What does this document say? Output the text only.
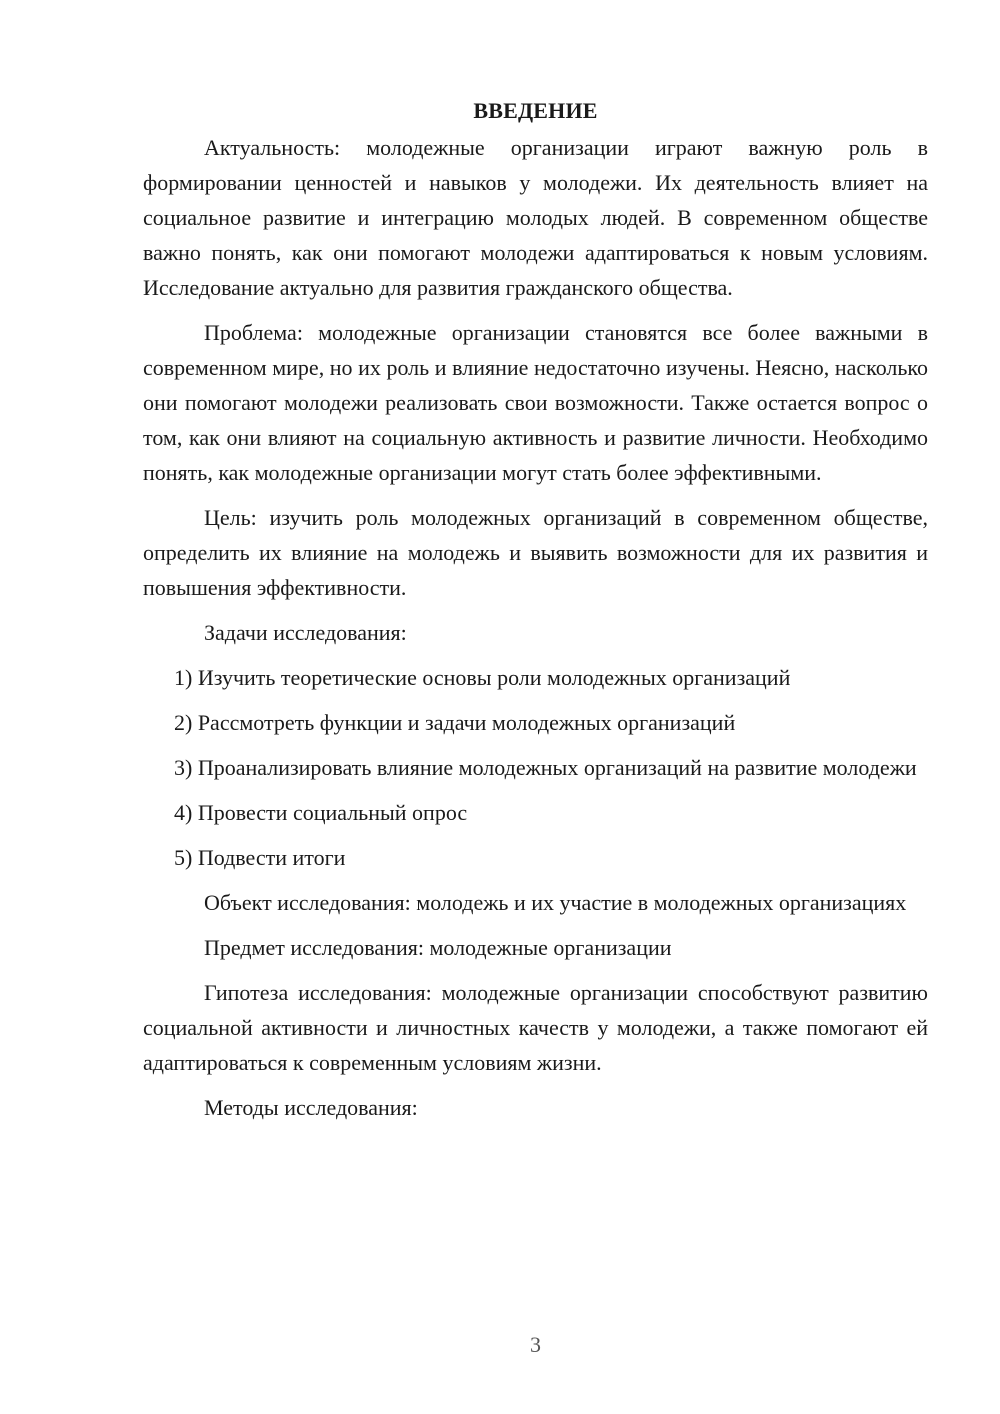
ВВЕДЕНИЕ

Актуальность: молодежные организации играют важную роль в формировании ценностей и навыков у молодежи. Их деятельность влияет на социальное развитие и интеграцию молодых людей. В современном обществе важно понять, как они помогают молодежи адаптироваться к новым условиям. Исследование актуально для развития гражданского общества.

Проблема: молодежные организации становятся все более важными в современном мире, но их роль и влияние недостаточно изучены. Неясно, насколько они помогают молодежи реализовать свои возможности. Также остается вопрос о том, как они влияют на социальную активность и развитие личности. Необходимо понять, как молодежные организации могут стать более эффективными.

Цель: изучить роль молодежных организаций в современном обществе, определить их влияние на молодежь и выявить возможности для их развития и повышения эффективности.

Задачи исследования:

1) Изучить теоретические основы роли молодежных организаций

2) Рассмотреть функции и задачи молодежных организаций

3) Проанализировать влияние молодежных организаций на развитие молодежи

4) Провести социальный опрос

5) Подвести итоги

Объект исследования: молодежь и их участие в молодежных организациях

Предмет исследования: молодежные организации

Гипотеза исследования: молодежные организации способствуют развитию социальной активности и личностных качеств у молодежи, а также помогают ей адаптироваться к современным условиям жизни.

Методы исследования:

3
